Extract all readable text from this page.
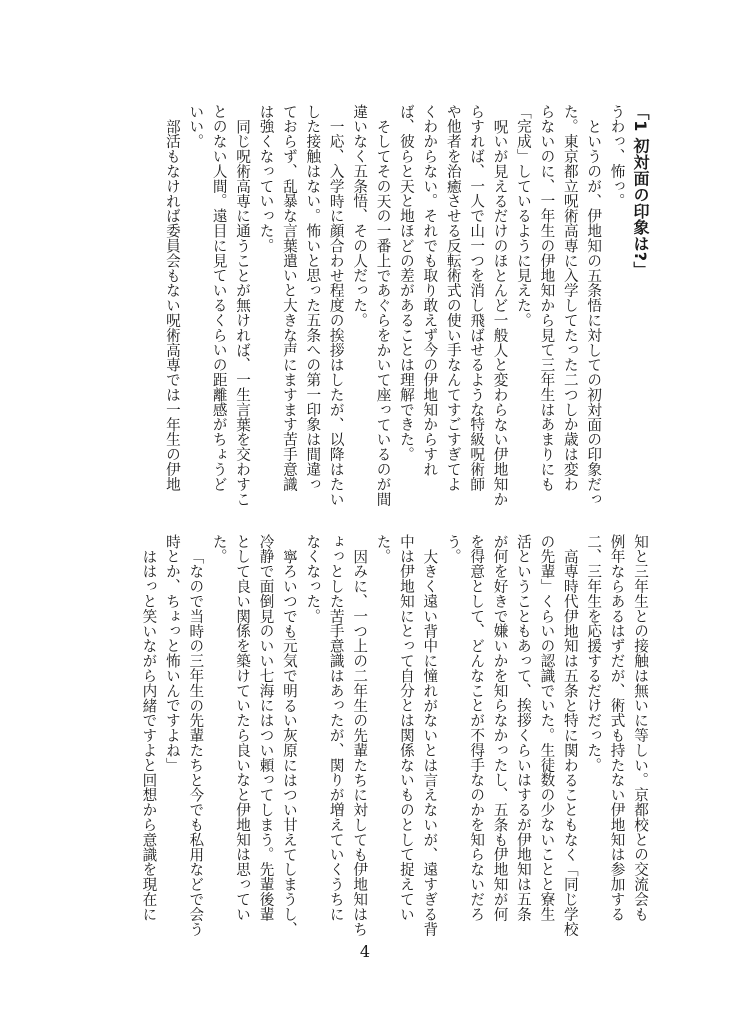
「1 初対面の印象は?」

うわっ、怖っ。

というのが、伊地知の五条悟に対しての初対面の印象だった。東京都立呪術高専に入学してたった二つしか歳は変わらないのに、一年生の伊地知から見て三年生はあまりにも「完成」しているように見えた。

呪いが見えるだけのほとんど一般人と変わらない伊地知からすれば、一人で山一つを消し飛ばせるような特級呪術師や他者を治癒させる反転術式の使い手なんてすごすぎてよくわからない。それでも取り敢えず今の伊地知からすれば、彼らと天と地ほどの差があることは理解できた。

そしてその天の一番上であぐらをかいて座っているのが間違いなく五条悟、その人だった。

一応、入学時に顔合わせ程度の挨拶はしたが、以降はたいした接触はない。怖いと思った五条への第一印象は間違っておらず、乱暴な言葉遣いと大きな声にますます苦手意識は強くなっていった。

同じ呪術高専に通うことが無ければ、一生言葉を交わすことのない人間。遠目に見ているくらいの距離感がちょうどいい。

部活もなければ委員会もない呪術高専では一年生の伊地

知と三年生との接触は無いに等しい。京都校との交流会も例年ならあるはずだが、術式も持たない伊地知は参加する二、三年生を応援するだけだった。

高専時代伊地知は五条と特に関わることもなく「同じ学校の先輩」くらいの認識でいた。生徒数の少ないことと寮生活ということもあって、挨拶くらいはするが伊地知は五条が何を好きで嫌いかを知らなかったし、五条も伊地知が何を得意として、どんなことが不得手なのかを知らないだろう。

大きく遠い背中に憧れがないとは言えないが、遠すぎる背中は伊地知にとって自分とは関係ないものとして捉えていた。

因みに、一つ上の二年生の先輩たちに対しても伊地知はちょっとした苦手意識はあったが、関りが増えていくうちになくなった。

寧ろいつでも元気で明るい灰原にはつい甘えてしまうし、冷静で面倒見のいい七海にはつい頼ってしまう。先輩後輩として良い関係を築けていたら良いなと伊地知は思っていた。

「なので当時の三年生の先輩たちと今でも私用などで会う時とか、ちょっと怖いんですよね」

ははっと笑いながら内緒ですよと回想から意識を現在に

4
